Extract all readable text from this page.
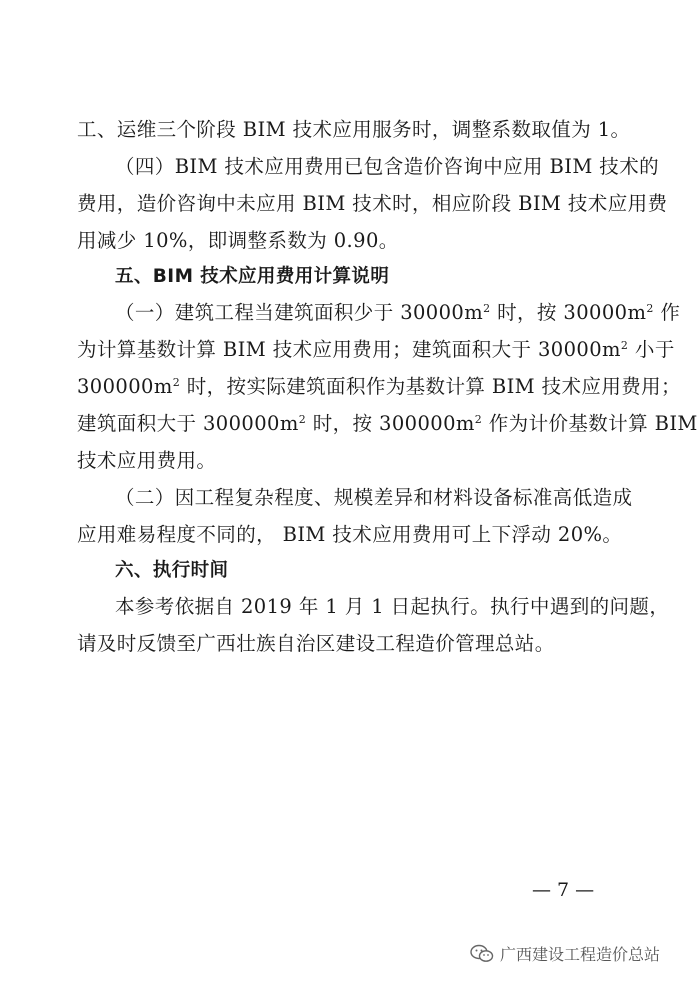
工、运维三个阶段 BIM 技术应用服务时，调整系数取值为 1。
（四）BIM 技术应用费用已包含造价咨询中应用 BIM 技术的
费用，造价咨询中未应用 BIM 技术时，相应阶段 BIM 技术应用费
用减少 10%，即调整系数为 0.90。
五、BIM 技术应用费用计算说明
（一）建筑工程当建筑面积少于 $30000m^2$ 时，按 $30000m^2$ 作
为计算基数计算 BIM 技术应用费用；建筑面积大于 $30000m^2$ 小于
$300000m^2$ 时，按实际建筑面积作为基数计算 BIM 技术应用费用；
建筑面积大于 $300000m^2$ 时，按 $300000m^2$ 作为计价基数计算 BIM
技术应用费用。
（二）因工程复杂程度、规模差异和材料设备标准高低造成
应用难易程度不同的， BIM 技术应用费用可上下浮动 20%。
六、执行时间
本参考依据自 2019 年 1 月 1 日起执行。执行中遇到的问题，
请及时反馈至广西壮族自治区建设工程造价管理总站。
— 7 —
广西建设工程造价总站
